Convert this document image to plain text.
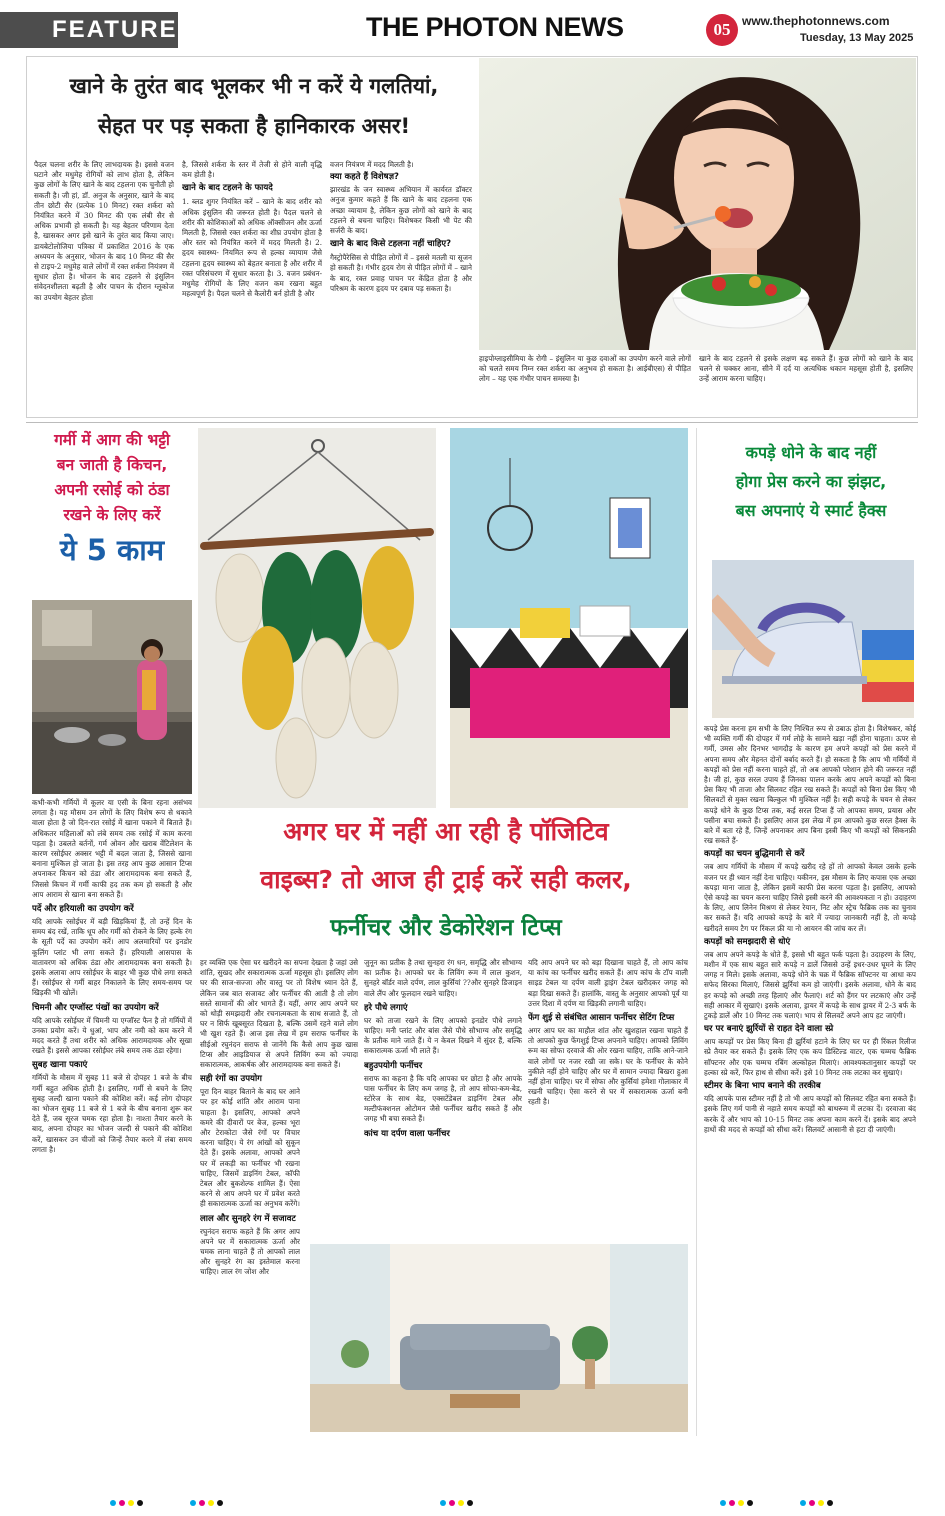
FEATURE	THE PHOTON NEWS	05 www.thephotonnews.com
Tuesday, 13 May 2025
खाने के तुरंत बाद भूलकर भी न करें ये गलतियां,
सेहत पर पड़ सकता है हानिकारक असर!
पैदल चलना शरीर के लिए लाभदायक है। इससे वजन घटाने और मधुमेह रोगियों को लाभ होता है, लेकिन कुछ लोगों के लिए खाने के बाद टहलना एक चुनौती हो सकती है। जी हां, डॉ. अनुज के अनुसार, खाने के बाद तीन छोटी सैर (प्रत्येक 10 मिनट) रक्त शर्करा को नियंत्रित करने में 30 मिनट की एक लंबी सैर से अधिक प्रभावी हो सकती है। यह बेहतर परिणाम देता है, खासकर अगर इसे खाने के तुरंत बाद किया जाए। डायबेटोलोजिया पत्रिका में प्रकाशित 2016 के एक अध्ययन के अनुसार, भोजन के बाद 10 मिनट की सैर से टाइप-2 मधुमेह वाले लोगों में रक्त शर्करा नियंत्रण में सुधार होता है। भोजन के बाद टहलने से इंसुलिन संवेदनशीलता बढ़ती है और पाचन के दौरान ग्लूकोज का उपयोग बेहतर होता
है, जिससे शर्करा के स्तर में तेजी से होने वाली वृद्धि कम होती है।
खाने के बाद टहलने के फायदे
1. ब्लड शुगर नियंत्रित करें – खाने के बाद शरीर को अधिक इंसुलिन की जरूरत होती है। पैदल चलने से शरीर की कोशिकाओं को अधिक ऑक्सीजन और ऊर्जा मिलती है, जिससे रक्त शर्करा का शीघ्र उपयोग होता है और स्तर को नियंत्रित करने में मदद मिलती है। 2. हृदय स्वास्थ्य- नियमित रूप से हल्का व्यायाम जैसे टहलना हृदय स्वास्थ्य को बेहतर बनाता है और शरीर में रक्त परिसंचरण में सुधार करता है। 3. वजन प्रबंधन- मधुमेह रोगियों के लिए वजन कम रखना बहुत महत्वपूर्ण है। पैदल चलने से कैलोरी बर्न होती है और
वजन नियंत्रण में मदद मिलती है।
क्या कहते हैं विशेषज्ञ?
झारखंड के जन स्वास्थ्य अभियान में कार्यरत डॉक्टर अनुज कुमार कहते हैं कि खाने के बाद टहलना एक अच्छा व्यायाम है, लेकिन कुछ लोगों को खाने के बाद टहलने से बचना चाहिए। विशेषकर किसी भी पेट की सर्जरी के बाद।
खाने के बाद किसे टहलना नहीं चाहिए?
गैस्ट्रोपैरेसिस से पीड़ित लोगों में – इससे मतली या सूजन हो सकती है। गंभीर हृदय रोग से पीड़ित लोगों में – खाने के बाद, रक्त प्रवाह पाचन पर केंद्रित होता है और परिश्रम के कारण हृदय पर दबाव पड़ सकता है।
हाइपोग्लाइसीमिया के रोगी – इंसुलिन या कुछ दवाओं का उपयोग करने वाले लोगों को चलते समय निम्न रक्त शर्करा का अनुभव हो सकता है। आईबीएस) से पीड़ित लोग – यह एक गंभीर पाचन समस्या है।
खाने के बाद टहलने से इसके लक्षण बढ़ सकते हैं। कुछ लोगों को खाने के बाद चलने से चक्कर आना, सीने में दर्द या अत्यधिक थकान महसूस होती है, इसलिए उन्हें आराम करना चाहिए।
गर्मी में आग की भट्टी
बन जाती है किचन,
अपनी रसोई को ठंडा
रखने के लिए करें
ये 5 काम
कभी-कभी गर्मियों में कूलर या एसी के बिना रहना असंभव लगता है। यह मौसम उन लोगों के लिए विशेष रूप से थकाने वाला होता है जो दिन-रात रसोई में खाना पकाने में बिताते हैं। अधिकतर महिलाओं को लंबे समय तक रसोई में काम करना पड़ता है। उबलते बर्तनों, गर्म ओवन और खराब वेंटिलेशन के कारण रसोईघर अक्सर भट्टी में बदल जाता है, जिससे खाना बनाना मुश्किल हो जाता है। इस तरह आप कुछ आसान टिप्स अपनाकर किचन को ठंडा और आरामदायक बना सकते हैं, जिससे किचन में गर्मी काफी हद तक कम हो सकती है और आप आराम से खाना बना सकते हैं।
पर्दे और हरियाली का उपयोग करें
यदि आपके रसोईघर में बड़ी खिड़कियां हैं, तो उन्हें दिन के समय बंद रखें, ताकि धूप और गर्मी को रोकने के लिए हल्के रंग के सूती पर्दे का उपयोग करें। आप अलमारियों पर इनडोर कूलिंग प्लांट भी लगा सकते हैं। हरियाली आसपास के वातावरण को अधिक ठंडा और आरामदायक बना सकती है। इसके अलावा आप रसोईघर के बाहर भी कुछ पौधे लगा सकते हैं। रसोईघर से गर्मी बाहर निकालने के लिए समय-समय पर खिड़की भी खोलें।
चिमनी और एग्जॉस्ट पंखों का उपयोग करें
यदि आपके रसोईघर में चिमनी या एग्जॉस्ट फैन है तो गर्मियों में उनका प्रयोग करें। ये धुआं, भाप और नमी को कम करने में मदद करते हैं तथा शरीर को अधिक आरामदायक और सूखा रखते हैं। इससे आपका रसोईघर लंबे समय तक ठंडा रहेगा।
सुबह खाना पकाएं
गर्मियों के मौसम में सुबह 11 बजे से दोपहर 1 बजे के बीच गर्मी बहुत अधिक होती है। इसलिए, गर्मी से बचने के लिए सुबह जल्दी खाना पकाने की कोशिश करें। कई लोग दोपहर का भोजन सुबह 11 बजे से 1 बजे के बीच बनाना शुरू कर देते हैं, जब सूरज चमक रहा होता है। नाश्ता तैयार करने के बाद, अपना दोपहर का भोजन जल्दी से पकाने की कोशिश करें, खासकर उन चीजों को जिन्हें तैयार करने में लंबा समय लगता है।
कपड़े धोने के बाद नहीं
होगा प्रेस करने का झंझट,
बस अपनाएं ये स्मार्ट हैक्स
कपड़े प्रेस करना हम सभी के लिए निश्चित रूप से उबाऊ होता है। विशेषकर, कोई भी व्यक्ति गर्मी की दोपहर में गर्म लोहे के सामने खड़ा नहीं होना चाहता। ऊपर से गर्मी, उमस और दिनभर भागदौड़ के कारण हम अपने कपड़ों को प्रेस करने में अपना समय और मेहनत दोनों बर्बाद करते हैं। हो सकता है कि आप भी गर्मियों में कपड़ों को प्रेस नहीं करना चाहते हों, तो अब आपको परेशान होने की जरूरत नहीं है। जी हां, कुछ सरल उपाय हैं जिनका पालन करके आप अपने कपड़ों को बिना प्रेस किए भी ताजा और सिलवट रहित रख सकते हैं। कपड़ों को बिना प्रेस किए भी सिलवटों से मुक्त रखना बिल्कुल भी मुश्किल नहीं है। सही कपड़े के चयन से लेकर कपड़े धोने के कुछ टिप्स तक, कई सरल टिप्स हैं जो आपका समय, प्रयास और पसीना बचा सकते हैं। इसलिए आज इस लेख में हम आपको कुछ सरल हैक्स के बारे में बता रहे हैं, जिन्हें अपनाकर आप बिना इस्त्री किए भी कपड़ों को सिकनफ्री रख सकते हैं-
कपड़ों का चयन बुद्धिमानी से करें
जब आप गर्मियों के मौसम में कपड़े खरीद रहे हों तो आपको केवल उसके हल्के वजन पर ही ध्यान नहीं देना चाहिए। यकीनन, इस मौसम के लिए कपास एक अच्छा कपड़ा माना जाता है, लेकिन इसमें काफी प्रेस करना पड़ता है। इसलिए, आपको ऐसे कपड़े का चयन करना चाहिए जिसे इस्त्री करने की आवश्यकता न हो। उदाहरण के लिए, आप लिनेन मिश्रण से लेकर रेयान, निट और स्ट्रेच फैब्रिक तक का चुनाव कर सकते हैं। यदि आपको कपड़े के बारे में ज्यादा जानकारी नहीं है, तो कपड़े खरीदते समय टैग पर रिंकल फ्री या नो आयरन की जांच कर लें।
कपड़ों को समझदारी से धोएं
जब आप अपने कपड़े के धोते हैं, इससे भी बहुत फर्क पड़ता है। उदाहरण के लिए, मशीन में एक साथ बहुत सारे कपड़े न डालें जिससे उन्हें इधर-उधर घूमने के लिए जगह न मिले। इसके अलावा, कपड़े धोने के चक्र में फैब्रिक सॉफ्टनर या आधा कप सफेद सिरका मिलाएं, जिससे झुर्रियां कम हो जाएंगी। इसके अलावा, धोने के बाद हर कपड़े को अच्छी तरह हिलाएं और फैलाएं। शर्ट को हैंगर पर लटकाएं और उन्हें सही आकार में सुखाएं। इसके अलावा, ड्रायर में कपड़े के साथ ड्रायर में 2-3 बर्फ के टुकड़े डालें और 10 मिनट तक चलाएं। भाप से सिलवटें अपने आप हट जाएंगी।
घर पर बनाएं झुर्रियों से राहत देने वाला स्प्रे
आप कपड़ों पर प्रेस किए बिना ही झुर्रियां हटाने के लिए घर पर ही रिंकल रिलीज स्प्रे तैयार कर सकते हैं। इसके लिए एक कप डिस्टिल्ड वाटर, एक चम्मच फैब्रिक सॉफ्टनर और एक चम्मच रबिंग अल्कोहल मिलाएं। आवश्यकतानुसार कपड़ों पर हल्का स्प्रे करें, फिर हाथ से सीधा करें। इसे 10 मिनट तक लटका कर सुखाएं।
स्टीमर के बिना भाप बनाने की तरकीब
यदि आपके पास स्टीमर नहीं है तो भी आप कपड़ों को सिलवट रहित बना सकते हैं। इसके लिए गर्म पानी से नहाते समय कपड़ों को बाथरूम में लटका दें। दरवाजा बंद करके दें और भाप को 10-15 मिनट तक अपना काम करने दें। इसके बाद अपने हाथों की मदद से कपड़ों को सीधा करें। सिलवटें आसानी से हटा दी जाएंगी।
अगर घर में नहीं आ रही है पॉजिटिव
वाइब्स? तो आज ही ट्राई करें सही कलर,
फर्नीचर और डेकोरेशन टिप्स
हर व्यक्ति एक ऐसा घर खरीदने का सपना देखता है जहां उसे शांति, सुखद और सकारात्मक ऊर्जा महसूस हो। इसलिए लोग घर की साज-सज्जा और वास्तु पर तो विशेष ध्यान देते हैं, लेकिन जब बात सजावट और फर्नीचर की आती है तो लोग सस्ते सामानों की ओर भागते हैं। यहीं, अगर आप अपने घर को थोड़ी समझदारी और रचनात्मकता के साथ सजाते हैं, तो घर न सिर्फ खूबसूरत दिखता है, बल्कि उसमें रहने वाले लोग भी खुश रहते हैं। आज इस लेख में हम सराफ फर्नीचर के सीईओ रघुनंदन सराफ से जानेंगे कि कैसे आप कुछ खास टिप्स और आइडियाज से अपने लिविंग रूम को ज्यादा सकारात्मक, आकर्षक और आरामदायक बना सकते हैं।
सही रंगों का उपयोग
पूरा दिन बाहर बिताने के बाद घर आने पर हर कोई शांति और आराम पाना चाहता है। इसलिए, आपको अपने कमरे की दीवारों पर बेज, हल्का भूरा और टेराकोटा जैसे रंगों पर विचार करना चाहिए। ये रंग आंखों को सुकून देते हैं। इसके अलावा, आपको अपने घर में लकड़ी का फर्नीचर भी रखना चाहिए, जिसमें डाइनिंग टेबल, कॉफी टेबल और बुकशेल्फ शामिल हैं। ऐसा करने से आप अपने घर में प्रवेश करते ही सकारात्मक ऊर्जा का अनुभव करेंगे।
लाल और सुनहरे रंग में सजावट
रघुनंदन सराफ कहते हैं कि अगर आप अपने घर में सकारात्मक ऊर्जा और चमक लाना चाहते हैं तो आपको लाल और सुनहरे रंग का इस्तेमाल करना चाहिए। लाल रंग जोश और
जुनून का प्रतीक है तथा सुनहरा रंग धन, समृद्धि और सौभाग्य का प्रतीक है। आपको घर के लिविंग रूम में लाल कुशन, सुनहरे बॉर्डर वाले दर्पण, लाल कुर्सियां ??और सुनहरे डिजाइन वाले लैंप और फूलदान रखने चाहिए।
हरे पौधे लगाएं
घर को ताजा रखने के लिए आपको इनडोर पौधे लगाने चाहिए। मनी प्लांट और बांस जैसे पौधे सौभाग्य और समृद्धि के प्रतीक माने जाते हैं। ये न केवल दिखने में सुंदर हैं, बल्कि सकारात्मक ऊर्जा भी लाते हैं।
बहुउपयोगी फर्नीचर
सराफ का कहना है कि यदि आपका घर छोटा है और आपके पास फर्नीचर के लिए कम जगह है, तो आप सोफा-कम-बेड, स्टोरेज के साथ बेड, एक्सटेंडेबल डाइनिंग टेबल और मल्टीफंक्शनल ओटोमन जैसे फर्नीचर खरीद सकते हैं और जगह भी बचा सकते हैं।
कांच या दर्पण वाला फर्नीचर
यदि आप अपने घर को बड़ा दिखाना चाहते हैं, तो आप कांच या कांच का फर्नीचर खरीद सकते हैं। आप कांच के टॉप वाली साइड टेबल या दर्पण वाली ड्राइंग टेबल खरीदकर जगह को बड़ा दिखा सकते हैं। हालांकि, वास्तु के अनुसार आपको पूर्व या उत्तर दिशा में दर्पण या खिड़की लगानी चाहिए।
फेंग शुई से संबंधित आसान फर्नीचर सेटिंग टिप्स
अगर आप घर का माहौल शांत और खुशहाल रखना चाहते हैं तो आपको कुछ फेंगशुई टिप्स अपनाने चाहिए। आपको लिविंग रूम का सोफा दरवाजे की ओर रखना चाहिए, ताकि आने-जाने वाले लोगों पर नजर रखी जा सके। घर के फर्नीचर के कोने नुकीले नहीं होने चाहिए और घर में सामान ज्यादा बिखरा हुआ नहीं होना चाहिए। घर में सोफा और कुर्सियां हमेशा गोलाकार में रखनी चाहिए। ऐसा करने से घर में सकारात्मक ऊर्जा बनी रहती है।
